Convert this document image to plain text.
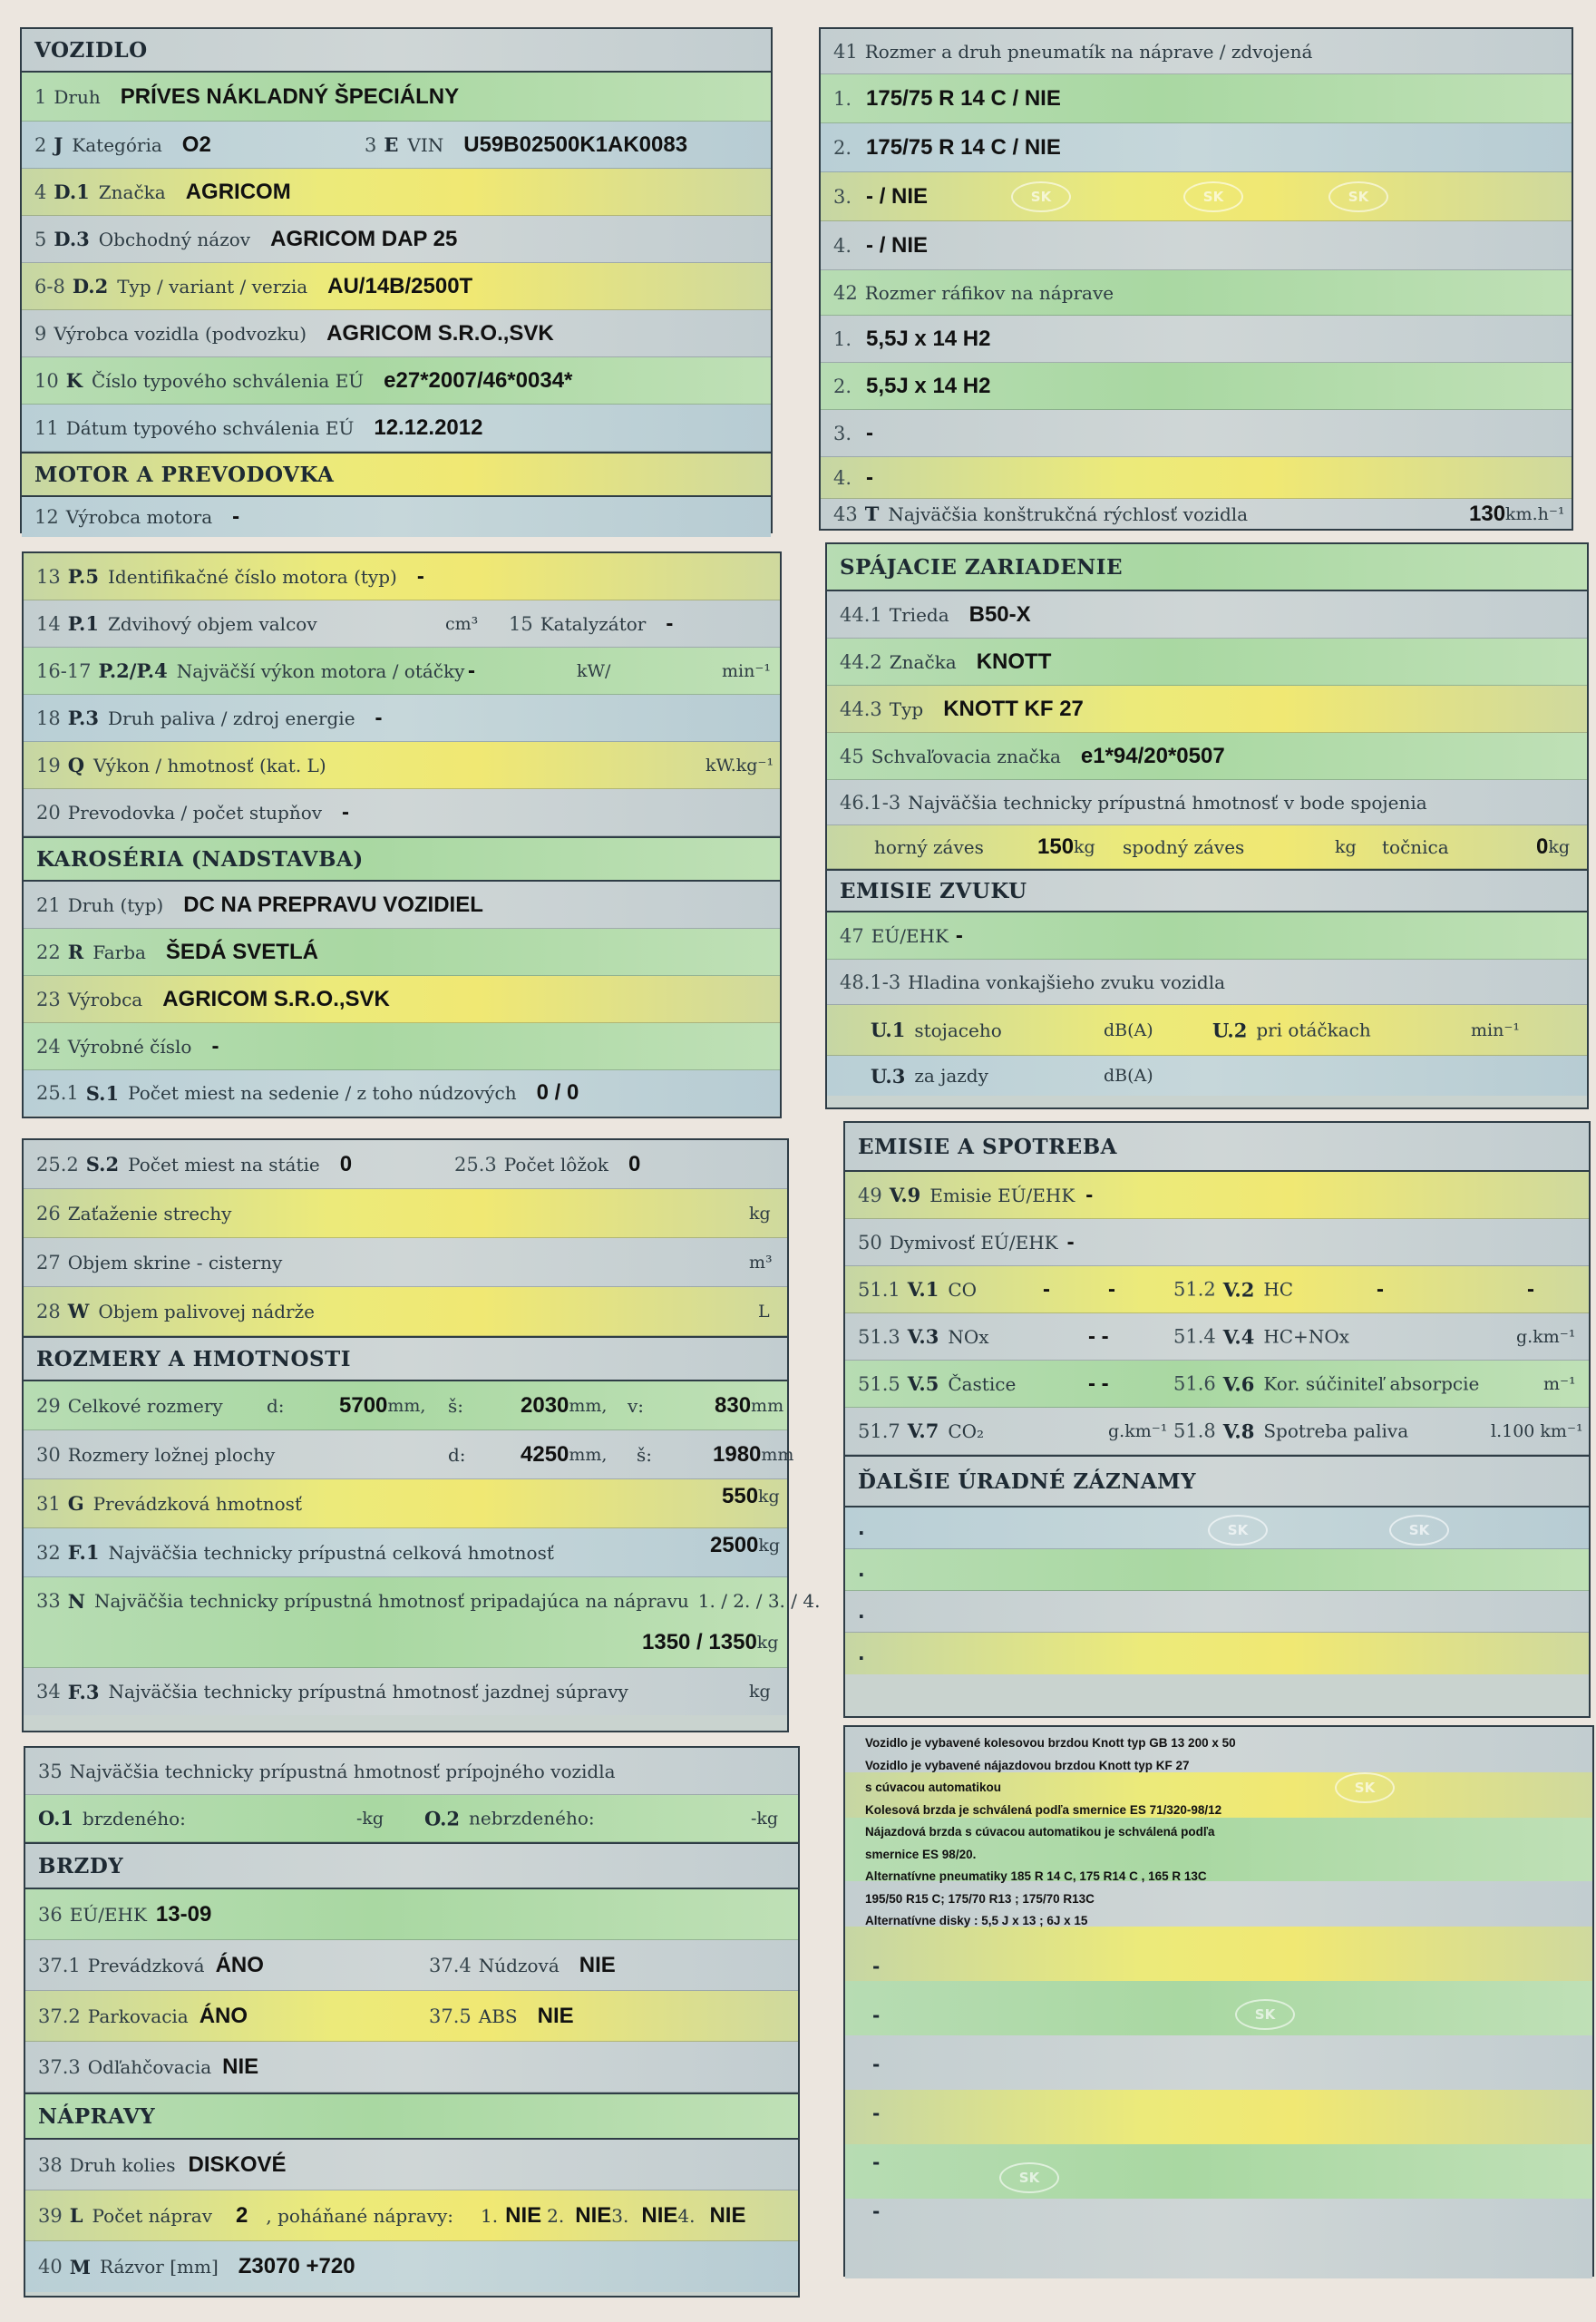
VOZIDLO
1 Druh PRÍVES NÁKLADNÝ ŠPECIÁLNY
2 J Kategória O2	3 E VIN U59B02500K1AK0083
4 D.1 Značka AGRICOM
5 D.3 Obchodný názov AGRICOM DAP 25
6-8 D.2 Typ / variant / verzia AU/14B/2500T
9 Výrobca vozidla (podvozku) AGRICOM S.R.O.,SVK
10 K Číslo typového schválenia EÚ e27*2007/46*0034*
11 Dátum typového schválenia EÚ 12.12.2012
MOTOR A PREVODOVKA
12 Výrobca motora -
13 P.5 Identifikačné číslo motora (typ) -
14 P.1 Zdvihový objem valcov	cm³ 15 Katalyzátor -
16-17 P.2/P.4 Najväčší výkon motora / otáčky -	kW/	min⁻¹
18 P.3 Druh paliva / zdroj energie -
19 Q Výkon / hmotnosť (kat. L)	kW.kg⁻¹
20 Prevodovka / počet stupňov -
KAROSÉRIA (NADSTAVBA)
21 Druh (typ) DC NA PREPRAVU VOZIDIEL
22 R Farba ŠEDÁ SVETLÁ
23 Výrobca AGRICOM S.R.O.,SVK
24 Výrobné číslo -
25.1 S.1 Počet miest na sedenie / z toho núdzových 0 / 0
25.2 S.2 Počet miest na státie 0	25.3 Počet lôžok 0
26 Zaťaženie strechy	kg
27 Objem skrine - cisterny	m³
28 W Objem palivovej nádrže	L
ROZMERY A HMOTNOSTI
29 Celkové rozmery d:	5700 mm, š:	2030 mm, v:	830 mm
30 Rozmery ložnej plochy	d:	4250 mm, š:	1980 mm
31 G Prevádzková hmotnosť	550 kg
32 F.1 Najväčšia technicky prípustná celková hmotnosť	2500 kg
33 N Najväčšia technicky prípustná hmotnosť pripadajúca na nápravu 1. / 2. / 3. / 4.
1350 / 1350 kg
34 F.3 Najväčšia technicky prípustná hmotnosť jazdnej súpravy	kg
35 Najväčšia technicky prípustná hmotnosť prípojného vozidla
O.1 brzdeného:	-kg O.2 nebrzdeného:	-kg
BRZDY
36 EÚ/EHK 13-09
37.1 Prevádzková ÁNO	37.4 Núdzová NIE
37.2 Parkovacia ÁNO	37.5 ABS NIE
37.3 Odľahčovacia NIE
NÁPRAVY
38 Druh kolies DISKOVÉ
39 L Počet náprav 2 , poháňané nápravy: 1. NIE 2. NIE 3. NIE 4. NIE
40 M Rázvor [mm] Z3070 +720
41 Rozmer a druh pneumatík na nápravе / zdvojená
1. 175/75 R 14 C / NIE
2. 175/75 R 14 C / NIE
3. - / NIE	SK	SK	SK
4. - / NIE
42 Rozmer ráfikov na nápravе
1. 5,5J x 14 H2
2. 5,5J x 14 H2
3. -
4. -
43 T Najväčšia konštrukčná rýchlosť vozidla	130 km.h⁻¹
SPÁJACIE ZARIADENIE
44.1 Trieda B50-X
44.2 Značka KNOTT
44.3 Typ KNOTT KF 27
45 Schvaľovacia značka e1*94/20*0507
46.1-3 Najväčšia technicky prípustná hmotnosť v bode spojenia
horný záves 150 kg spodný záves	kg točnica	0 kg
EMISIE ZVUKU
47 EÚ/EHK -
48.1-3 Hladina vonkajšieho zvuku vozidla
U.1 stojaceho	dB(A)	U.2 pri otáčkach	min⁻¹
U.3 za jazdy	dB(A)
EMISIE A SPOTREBA
49 V.9 Emisie EÚ/EHK -
50 Dymivosť EÚ/EHK -
51.1 V.1 CO	-	-	51.2 V.2 HC	-	-
51.3 V.3 NOx	- -	51.4 V.4 HC+NOx	g.km⁻¹
51.5 V.5 Častice	- -	51.6 V.6 Kor. súčiniteľ absorpcie	m⁻¹
51.7 V.7 CO₂	g.km⁻¹ 51.8 V.8 Spotreba paliva	l.100 km⁻¹
ĎALŠIE ÚRADNÉ ZÁZNAMY
.	SK	SK
.
.
.
Vozidlo je vybavené kolesovou brzdou Knott typ GB 13 200 x 50
Vozidlo je vybavené nájazdovou brzdou Knott typ KF 27
s cúvacou automatikou
Kolesová brzda je schválená podľa smernice ES 71/320-98/12
Nájazdová brzda s cúvacou automatikou je schválená podľa
smernice ES 98/20.
Alternatívne pneumatiky 185 R 14 C, 175 R14 C , 165 R 13C
195/50 R15 C; 175/70 R13 ; 175/70 R13C
Alternatívne disky : 5,5 J x 13 ; 6J x 15
-
-
-
-
-
-
SK
SK
SK
